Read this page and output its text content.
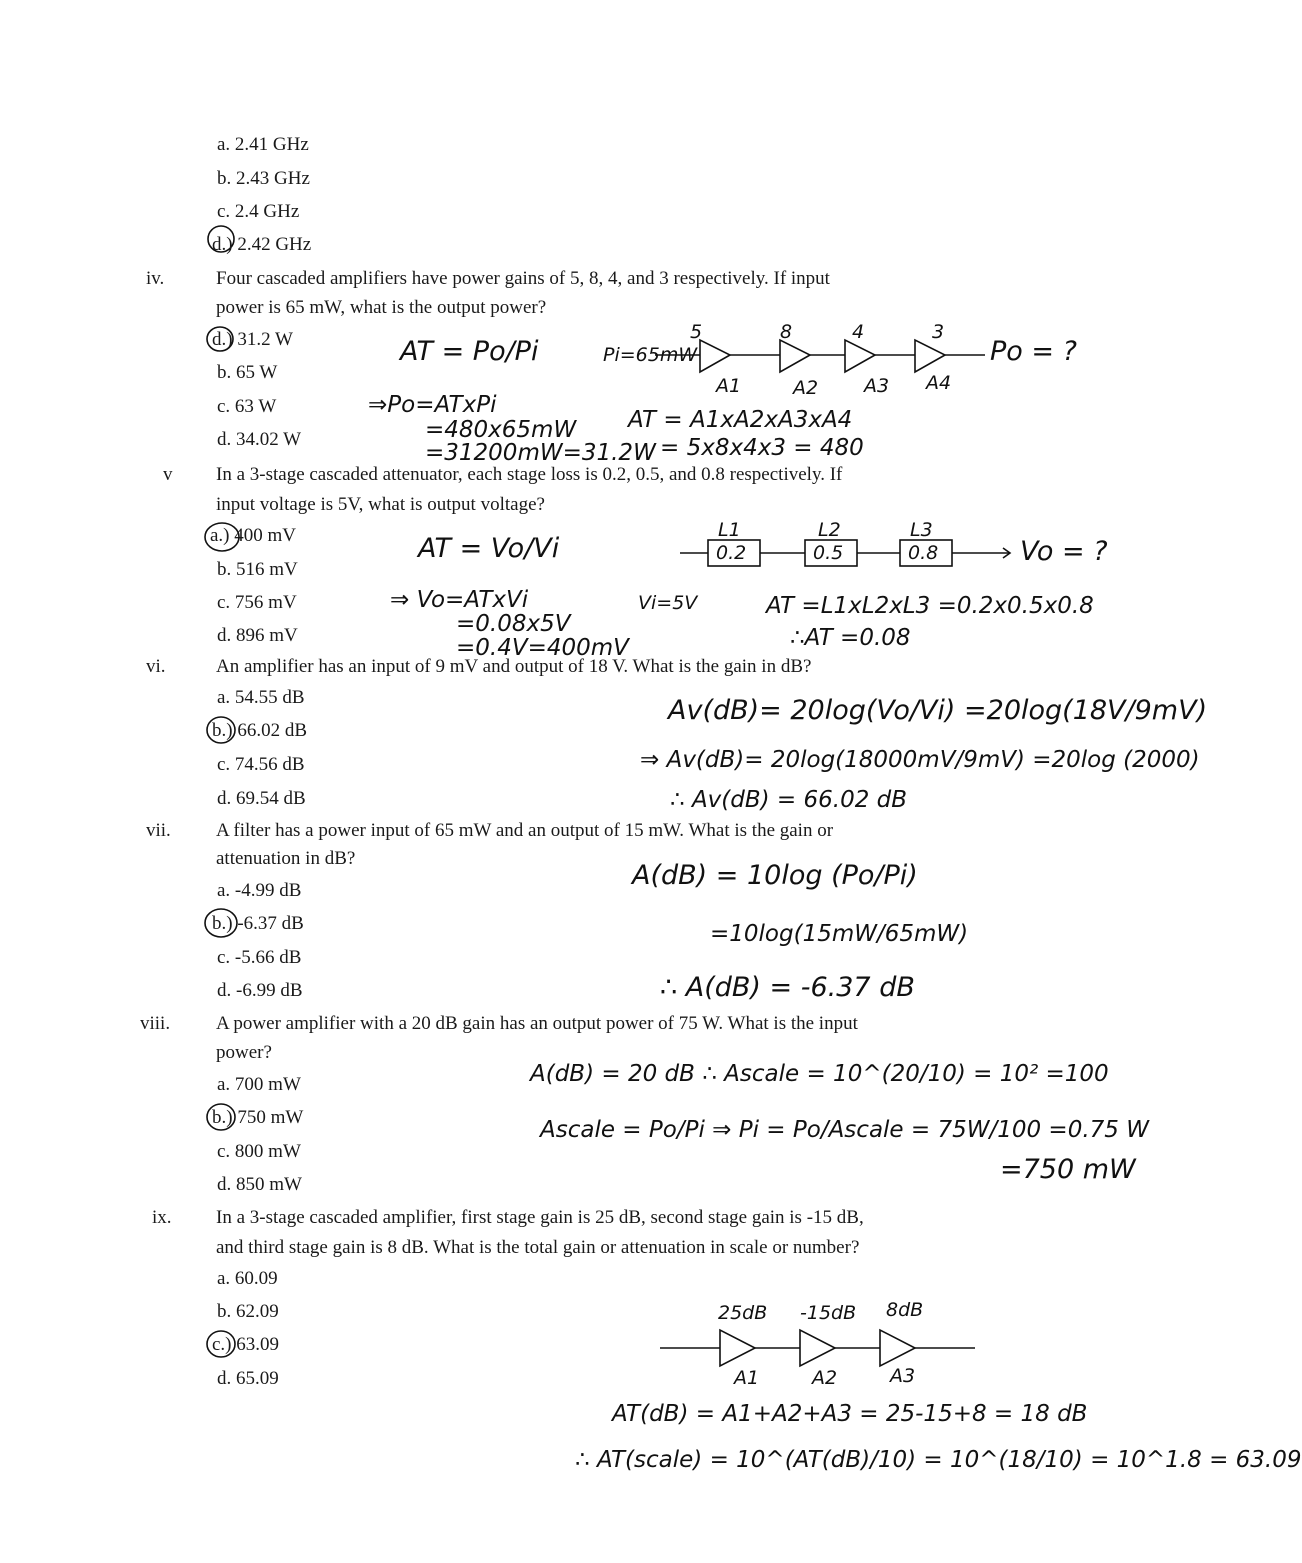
a. 2.41 GHz
b. 2.43 GHz
c. 2.4 GHz
d.) 2.42 GHz
iv.	Four cascaded amplifiers have power gains of 5, 8, 4, and 3 respectively. If input
power is 65 mW, what is the output power?
d.) 31.2 W
b. 65 W
c. 63 W
d. 34.02 W
AT = Po/Pi	Pi=65mW
5	8	4	3
A1	A2 A3 A4
Po = ?
⇒Po=ATxPi
=480x65mW
=31200mW=31.2W
AT = A1xA2xA3xA4
= 5x8x4x3 = 480
v In a 3-stage cascaded attenuator, each stage loss is 0.2, 0.5, and 0.8 respectively. If
input voltage is 5V, what is output voltage?
a.) 400 mV
b. 516 mV
c. 756 mV
d. 896 mV
AT = Vo/Vi
Vi=5V
L1	L2	L3
0.2	0.5	0.8	Vo = ?
⇒ Vo=ATxVi
=0.08x5V
=0.4V=400mV
AT =L1xL2xL3 =0.2x0.5x0.8
∴AT =0.08
vi.	An amplifier has an input of 9 mV and output of 18 V. What is the gain in dB?
a. 54.55 dB
b.) 66.02 dB
c. 74.56 dB
d. 69.54 dB
Av(dB)= 20log(Vo/Vi) =20log(18V/9mV)
⇒ Av(dB)= 20log(18000mV/9mV) =20log (2000)
∴ Av(dB) = 66.02 dB
vii. A filter has a power input of 65 mW and an output of 15 mW. What is the gain or
attenuation in dB?
a. -4.99 dB
b.) -6.37 dB
c. -5.66 dB
d. -6.99 dB
A(dB) = 10log (Po/Pi)
=10log(15mW/65mW)
∴ A(dB) = -6.37 dB
viii. A power amplifier with a 20 dB gain has an output power of 75 W. What is the input
power?
a. 700 mW
b.) 750 mW
c. 800 mW
d. 850 mW
A(dB) = 20 dB ∴ Ascale = 10^(20/10) = 10² =100
Ascale = Po/Pi ⇒ Pi = Po/Ascale = 75W/100 =0.75 W
=750 mW
ix. In a 3-stage cascaded amplifier, first stage gain is 25 dB, second stage gain is -15 dB,
and third stage gain is 8 dB. What is the total gain or attenuation in scale or number?
a. 60.09
b. 62.09
c.) 63.09
d. 65.09
25dB -15dB 8dB
A1	A2	A3
AT(dB) = A1+A2+A3 = 25-15+8 = 18 dB
∴ AT(scale) = 10^(AT(dB)/10) = 10^(18/10) = 10^1.8 = 63.09
